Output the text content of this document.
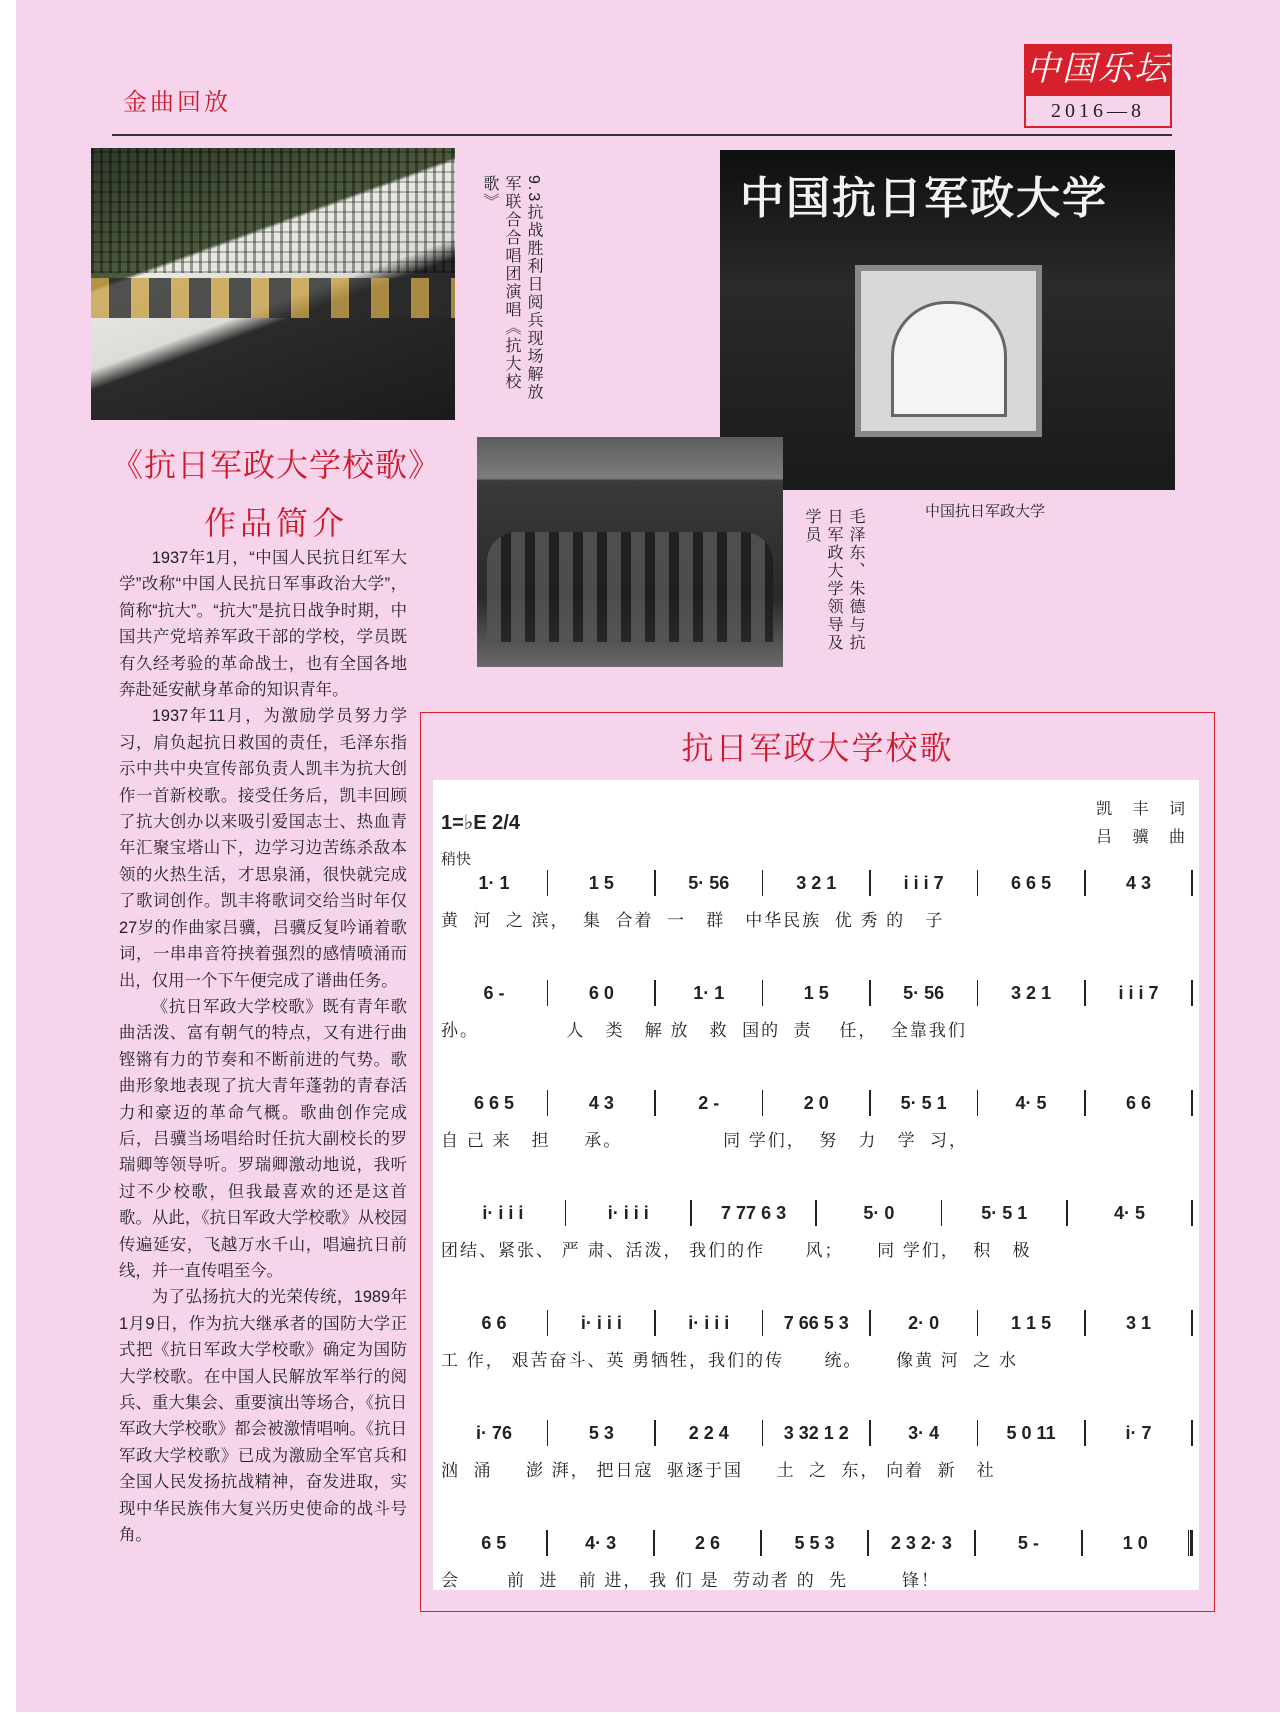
金曲回放
中国乐坛
2016—8
9.3抗战胜利日阅兵现场解放军联合合唱团演唱《抗大校歌》	中国抗日军政大学
中国抗日军政大学
毛泽东、朱德与抗日军政大学领导及学员
《抗日军政大学校歌》
作品简介

1937年1月，“中国人民抗日红军大学”改称“中国人民抗日军事政治大学”，简称“抗大”。“抗大”是抗日战争时期，中国共产党培养军政干部的学校，学员既有久经考验的革命战士，也有全国各地奔赴延安献身革命的知识青年。

1937年11月，为激励学员努力学习，肩负起抗日救国的责任，毛泽东指示中共中央宣传部负责人凯丰为抗大创作一首新校歌。接受任务后，凯丰回顾了抗大创办以来吸引爱国志士、热血青年汇聚宝塔山下，边学习边苦练杀敌本领的火热生活，才思泉涌，很快就完成了歌词创作。凯丰将歌词交给当时年仅27岁的作曲家吕骥，吕骥反复吟诵着歌词，一串串音符挟着强烈的感情喷涌而出，仅用一个下午便完成了谱曲任务。

《抗日军政大学校歌》既有青年歌曲活泼、富有朝气的特点，又有进行曲铿锵有力的节奏和不断前进的气势。歌曲形象地表现了抗大青年蓬勃的青春活力和豪迈的革命气概。歌曲创作完成后，吕骥当场唱给时任抗大副校长的罗瑞卿等领导听。罗瑞卿激动地说，我听过不少校歌，但我最喜欢的还是这首歌。从此，《抗日军政大学校歌》从校园传遍延安，飞越万水千山，唱遍抗日前线，并一直传唱至今。

为了弘扬抗大的光荣传统，1989年1月9日，作为抗大继承者的国防大学正式把《抗日军政大学校歌》确定为国防大学校歌。在中国人民解放军举行的阅兵、重大集会、重要演出等场合，《抗日军政大学校歌》都会被激情唱响。《抗日军政大学校歌》已成为激励全军官兵和全国人民发扬抗战精神，奋发进取，实现中华民族伟大复兴历史使命的战斗号角。

抗日军政大学校歌
1=♭E 2/4
稍快
凯 丰 词
吕 骥 曲
1· 1	1 5	5· 56	3 2 1	i i i 7	6 6 5	4 3
黄  河  之 滨，  集  合着  一   群   中华民族  优 秀 的   子
6 -	6 0	1· 1	1 5	5· 56	3 2 1	i i i 7
孙。             人   类   解 放   救  国的  责    任，  全靠我们
6 6 5	4 3	2 -	2 0	5· 5 1	4· 5	6 6
自 己 来   担     承。               同 学们，  努   力   学  习，
i· i i i	i· i i i	7 77 6 3	5· 0	5· 5 1	4· 5
团结、紧张、 严 肃、活泼， 我们的作      风；     同 学们，  积   极
6 6	i· i i i	i· i i i	7 66 5 3	2· 0	1 1 5	3 1
工 作， 艰苦奋斗、英 勇牺牲，我们的传      统。     像黄 河  之 水
i· 76	5 3	2 2 4	3 32 1 2	3· 4	5 0 11	i· 7
汹  涌     澎 湃， 把日寇  驱逐于国     土  之  东， 向着  新   社
6 5	4· 3	2 6	5 5 3	2 3 2· 3	5 -	1 0
会       前  进   前 进， 我 们 是  劳动者 的  先        锋！
